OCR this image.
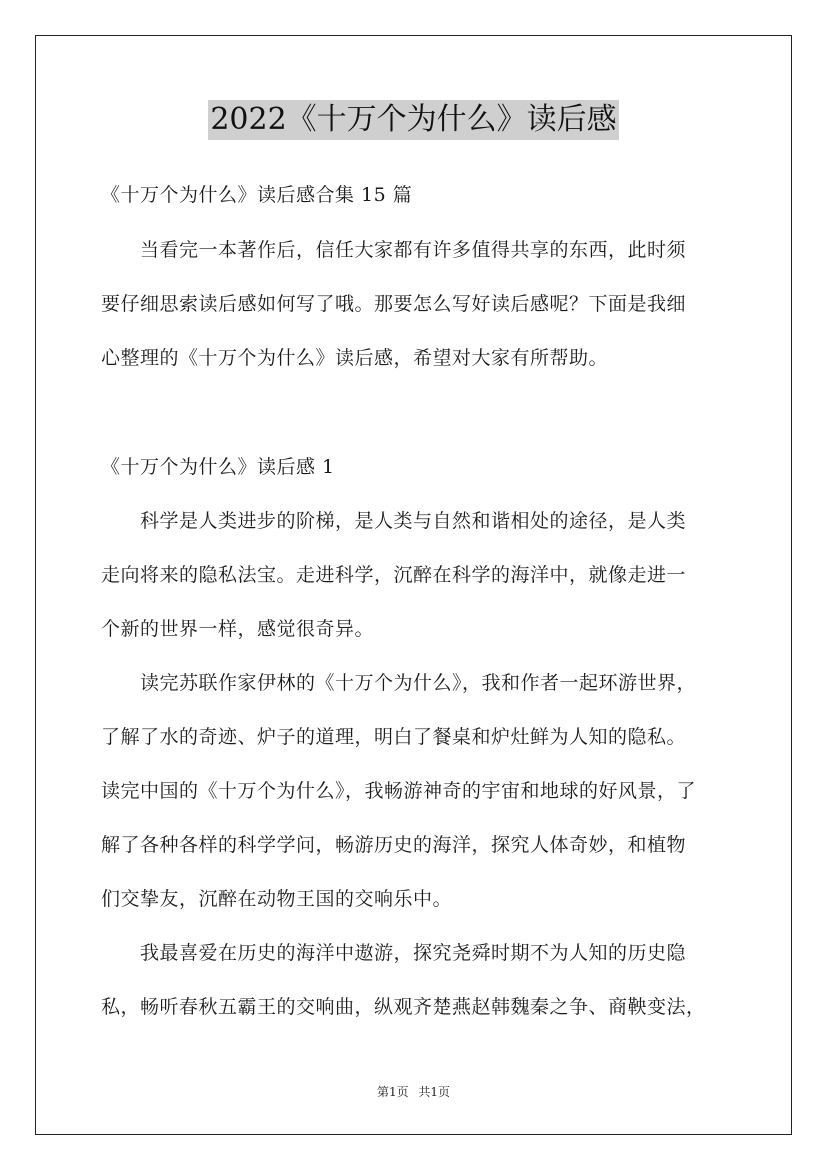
2022《十万个为什么》读后感
《十万个为什么》读后感合集 15 篇
　　当看完一本著作后，信任大家都有许多值得共享的东西，此时须
要仔细思索读后感如何写了哦。那要怎么写好读后感呢？下面是我细
心整理的《十万个为什么》读后感，希望对大家有所帮助。
《十万个为什么》读后感 1
　　科学是人类进步的阶梯，是人类与自然和谐相处的途径，是人类
走向将来的隐私法宝。走进科学，沉醉在科学的海洋中，就像走进一
个新的世界一样，感觉很奇异。
　　读完苏联作家伊林的《十万个为什么》，我和作者一起环游世界，
了解了水的奇迹、炉子的道理，明白了餐桌和炉灶鲜为人知的隐私。
读完中国的《十万个为什么》，我畅游神奇的宇宙和地球的好风景，了
解了各种各样的科学学问，畅游历史的海洋，探究人体奇妙，和植物
们交挚友，沉醉在动物王国的交响乐中。
　　我最喜爱在历史的海洋中遨游，探究尧舜时期不为人知的历史隐
私，畅听春秋五霸王的交响曲，纵观齐楚燕赵韩魏秦之争、商鞅变法，
第1页 共1页
